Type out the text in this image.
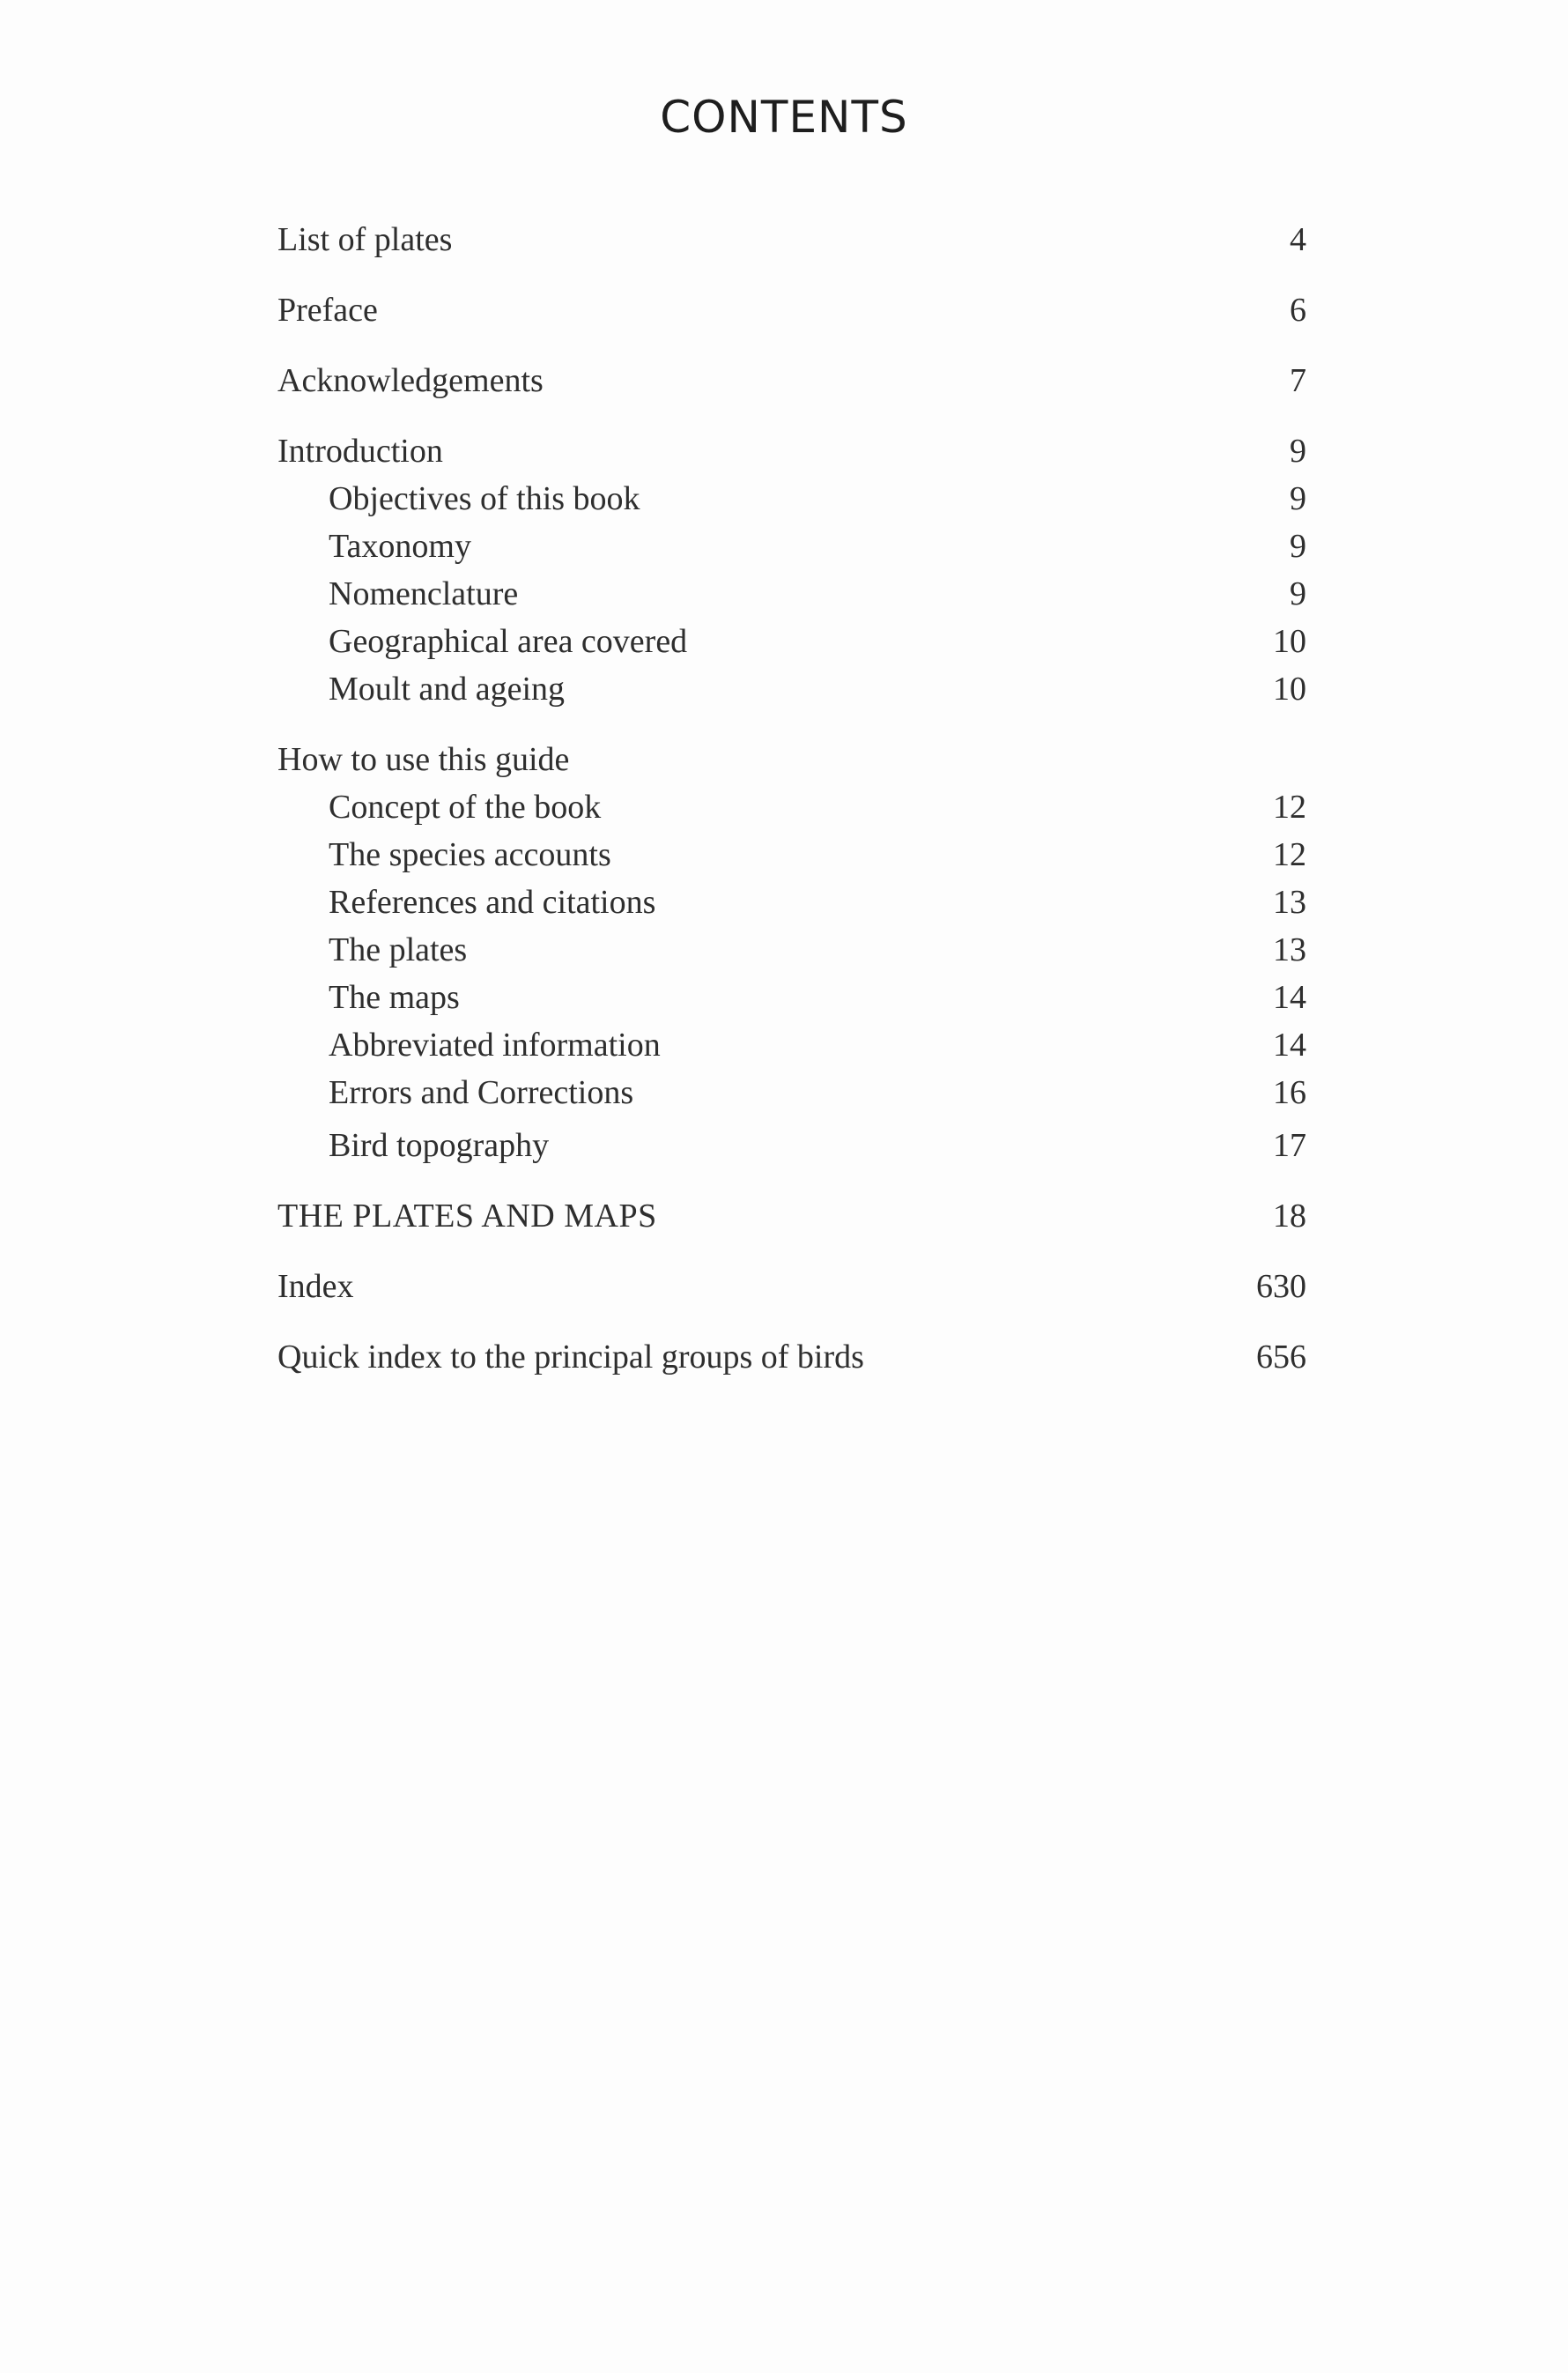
CONTENTS
List of plates	4
Preface	6
Acknowledgements	7
Introduction	9
Objectives of this book	9
Taxonomy	9
Nomenclature	9
Geographical area covered	10
Moult and ageing	10
How to use this guide
Concept of the book	12
The species accounts	12
References and citations	13
The plates	13
The maps	14
Abbreviated information	14
Errors and Corrections	16
Bird topography	17
THE PLATES AND MAPS	18
Index	630
Quick index to the principal groups of birds	656
